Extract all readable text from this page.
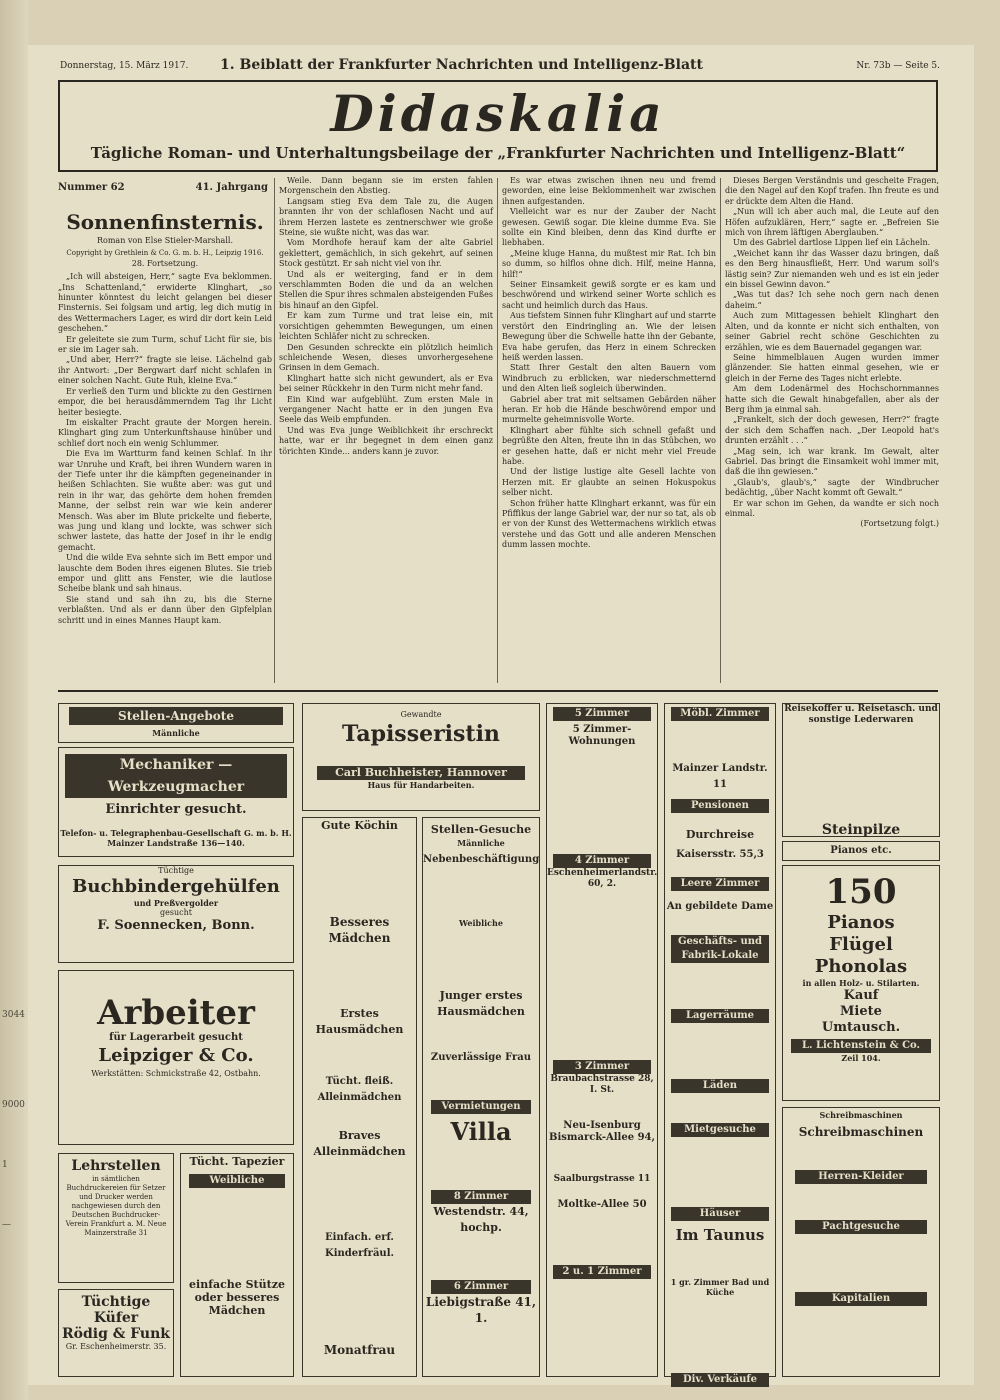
3044
9000
1
—
Donnerstag, 15. März 1917. 1. Beiblatt der Frankfurter Nachrichten und Intelligenz-Blatt	Nr. 73b — Seite 5.
Didaskalia
Tägliche Roman- und Unterhaltungsbeilage der „Frankfurter Nachrichten und Intelligenz-Blatt“
Nummer 62	41. Jahrgang
Sonnenfinsternis.
Roman von Else Stieler-Marshall.
Copyright by Grethlein & Co. G. m. b. H., Leipzig 1916.
28. Fortsetzung.

„Ich will absteigen, Herr,“ sagte Eva beklommen. „Ins Schattenland,“ erwiderte Klinghart, „so hinunter könntest du leicht gelangen bei dieser Finsternis. Sei folgsam und artig, leg dich mutig in des Wettermachers Lager, es wird dir dort kein Leid geschehen.“

Er geleitete sie zum Turm, schuf Licht für sie, bis er sie im Lager sah.

„Und aber, Herr?“ fragte sie leise. Lächelnd gab ihr Antwort: „Der Bergwart darf nicht schlafen in einer solchen Nacht. Gute Ruh, kleine Eva.“

Er verließ den Turm und blickte zu den Gestirnen empor, die bei herausdämmerndem Tag ihr Licht heiter besiegte.

Im eiskalter Pracht graute der Morgen herein. Klinghart ging zum Unterkunftshause hinüber und schlief dort noch ein wenig Schlummer.

Die Eva im Wartturm fand keinen Schlaf. In ihr war Unruhe und Kraft, bei ihren Wundern waren in der Tiefe unter ihr die kämpften gegeneinander in heißen Schlachten. Sie wußte aber: was gut und rein in ihr war, das gehörte dem hohen fremden Manne, der selbst rein war wie kein anderer Mensch. Was aber im Blute prickelte und fieberte, was jung und klang und lockte, was schwer sich schwer lastete, das hatte der Josef in ihr le endig gemacht.

Und die wilde Eva sehnte sich im Bett empor und lauschte dem Boden ihres eigenen Blutes. Sie trieb empor und glitt ans Fenster, wie die lautlose Scheibe blank und sah hinaus.

Sie stand und sah ihn zu, bis die Sterne verblaßten. Und als er dann über den Gipfelplan schritt und in eines Mannes Haupt kam.

Weile. Dann begann sie im ersten fahlen Morgenschein den Abstieg.

Langsam stieg Eva dem Tale zu, die Augen brannten ihr von der schlaflosen Nacht und auf ihrem Herzen lastete es zentnerschwer wie große Steine, sie wußte nicht, was das war.

Vom Mordhofe herauf kam der alte Gabriel geklettert, gemächlich, in sich gekehrt, auf seinen Stock gestützt. Er sah nicht viel von ihr.

Und als er weiterging, fand er in dem verschlammten Boden die und da an welchen Stellen die Spur ihres schmalen absteigenden Fußes bis hinauf an den Gipfel.

Er kam zum Turme und trat leise ein, mit vorsichtigen gehemmten Bewegungen, um einen leichten Schläfer nicht zu schrecken.

Den Gesunden schreckte ein plötzlich heimlich schleichende Wesen, dieses unvorhergesehene Grinsen in dem Gemach.

Klinghart hatte sich nicht gewundert, als er Eva bei seiner Rückkehr in den Turm nicht mehr fand.

Ein Kind war aufgeblüht. Zum ersten Male in vergangener Nacht hatte er in den jungen Eva Seele das Weib empfunden.

Und was Eva junge Weiblichkeit ihr erschreckt hatte, war er ihr begegnet in dem einen ganz törichten Kinde... anders kann je zuvor.

Es war etwas zwischen ihnen neu und fremd geworden, eine leise Beklommenheit war zwischen ihnen aufgestanden.

Vielleicht war es nur der Zauber der Nacht gewesen. Gewiß sogar. Die kleine dumme Eva. Sie sollte ein Kind bleiben, denn das Kind durfte er liebhaben.

„Meine kluge Hanna, du mußtest mir Rat. Ich bin so dumm, so hilflos ohne dich. Hilf, meine Hanna, hilf!“

Seiner Einsamkeit gewiß sorgte er es kam und beschwörend und wirkend seiner Worte schlich es sacht und heimlich durch das Haus.

Aus tiefstem Sinnen fuhr Klinghart auf und starrte verstört den Eindringling an. Wie der leisen Bewegung über die Schwelle hatte ihn der Gebante, Eva habe gerufen, das Herz in einem Schrecken heiß werden lassen.

Statt Ihrer Gestalt den alten Bauern vom Windbruch zu erblicken, war niederschmetternd und den Alten ließ sogleich überwinden.

Gabriel aber trat mit seltsamen Gebärden näher heran. Er hob die Hände beschwörend empor und murmelte geheimnisvolle Worte.

Klinghart aber fühlte sich schnell gefaßt und begrüßte den Alten, freute ihn in das Stübchen, wo er gesehen hatte, daß er nicht mehr viel Freude habe.

Und der listige lustige alte Gesell lachte von Herzen mit. Er glaubte an seinen Hokuspokus selber nicht.

Schon früher hatte Klinghart erkannt, was für ein Pfiffikus der lange Gabriel war, der nur so tat, als ob er von der Kunst des Wettermachens wirklich etwas verstehe und das Gott und alle anderen Menschen dumm lassen mochte.

Dieses Bergen Verständnis und gescheite Fragen, die den Nagel auf den Kopf trafen. Ihn freute es und er drückte dem Alten die Hand.

„Nun will ich aber auch mal, die Leute auf den Höfen aufzuklären, Herr,“ sagte er. „Befreien Sie mich von ihrem läftigen Aberglauben.“

Um des Gabriel dartlose Lippen lief ein Lächeln.

„Weichet kann ihr das Wasser dazu bringen, daß es den Berg hinausfließt, Herr. Und warum soll's lästig sein? Zur niemanden weh und es ist ein jeder ein bissel Gewinn davon.“

„Was tut das? Ich sehe noch gern nach denen daheim.“

Auch zum Mittagessen behielt Klinghart den Alten, und da konnte er nicht sich enthalten, von seiner Gabriel recht schöne Geschichten zu erzählen, wie es dem Bauernadel gegangen war.

Seine himmelblauen Augen wurden immer glänzender. Sie hatten einmal gesehen, wie er gleich in der Ferne des Tages nicht erlebte.

Am dem Lodenärmel des Hochschornmannes hatte sich die Gewalt hinabgefallen, aber als der Berg ihm ja einmal sah.

„Frankelt, sich der doch gewesen, Herr?“ fragte der sich dem Schaffen nach. „Der Leopold hat's drunten erzählt . . .“

„Mag sein, ich war krank. Im Gewalt, alter Gabriel. Das bringt die Einsamkeit wohl immer mit, daß die ihn gewiesen.“

„Glaub's, glaub's,“ sagte der Windbrucher bedächtig, „über Nacht kommt oft Gewalt.“

Er war schon im Gehen, da wandte er sich noch einmal.

(Fortsetzung folgt.)

Stellen-Angebote
Männliche
Mechaniker — Werkzeugmacher
Einrichter gesucht.
Telefon- u. Telegraphenbau-Gesellschaft G. m. b. H.
Mainzer Landstraße 136—140.
Tüchtige
Buchbindergehülfen
und Preßvergolder
gesucht
F. Soennecken, Bonn.
Arbeiter
für Lagerarbeit gesucht
Leipziger & Co.
Werkstätten: Schmickstraße 42, Ostbahn.
Lehrstellen
in sämtlichen Buchdruckereien für Setzer und Drucker werden nachgewiesen durch den Deutschen Buchdrucker-Verein Frankfurt a. M. Neue Mainzerstraße 31
Tüchtige Küfer
Rödig & Funk
Gr. Eschenheimerstr. 35.
Tücht. Tapezier
Weibliche
einfache Stütze oder besseres Mädchen
Gewandte
Tapisseristin
Carl Buchheister, Hannover
Haus für Handarbeiten.
Gute Köchin
Besseres Mädchen
Erstes Hausmädchen
Tücht. fleiß. Alleinmädchen
Braves Alleinmädchen
Einfach. erf. Kinderfräul.
Monatfrau
Stellen-Gesuche
Männliche
Nebenbeschäftigung
Weibliche
Junger erstes Hausmädchen
Zuverlässige Frau
Vermietungen
Villa
8 Zimmer
Westendstr. 44, hochp.
6 Zimmer
Liebigstraße 41, 1.
5 Zimmer
5 Zimmer-Wohnungen
4 Zimmer
Eschenheimerlandstr. 60, 2.
3 Zimmer
Braubachstrasse 28, I. St.
Neu-Isenburg Bismarck-Allee 94,
Saalburgstrasse 11
Moltke-Allee 50
2 u. 1 Zimmer
Möbl. Zimmer
Mainzer Landstr. 11
Pensionen
Durchreise
Kaisersstr. 55,3
Leere Zimmer
An gebildete Dame
Geschäfts- und Fabrik-Lokale
Lagerräume
Läden
Mietgesuche
Häuser
Im Taunus
1 gr. Zimmer Bad und Küche
Div. Verkäufe
Reisekoffer u. Reisetasch. und sonstige Lederwaren
Steinpilze
Pianos etc.
150
Pianos
Flügel
Phonolas
in allen Holz- u. Stilarten.
Kauf
Miete
Umtausch.
L. Lichtenstein & Co.
Zeil 104.
Schreibmaschinen
Schreibmaschinen
Herren-Kleider
Pachtgesuche
Kapitalien
